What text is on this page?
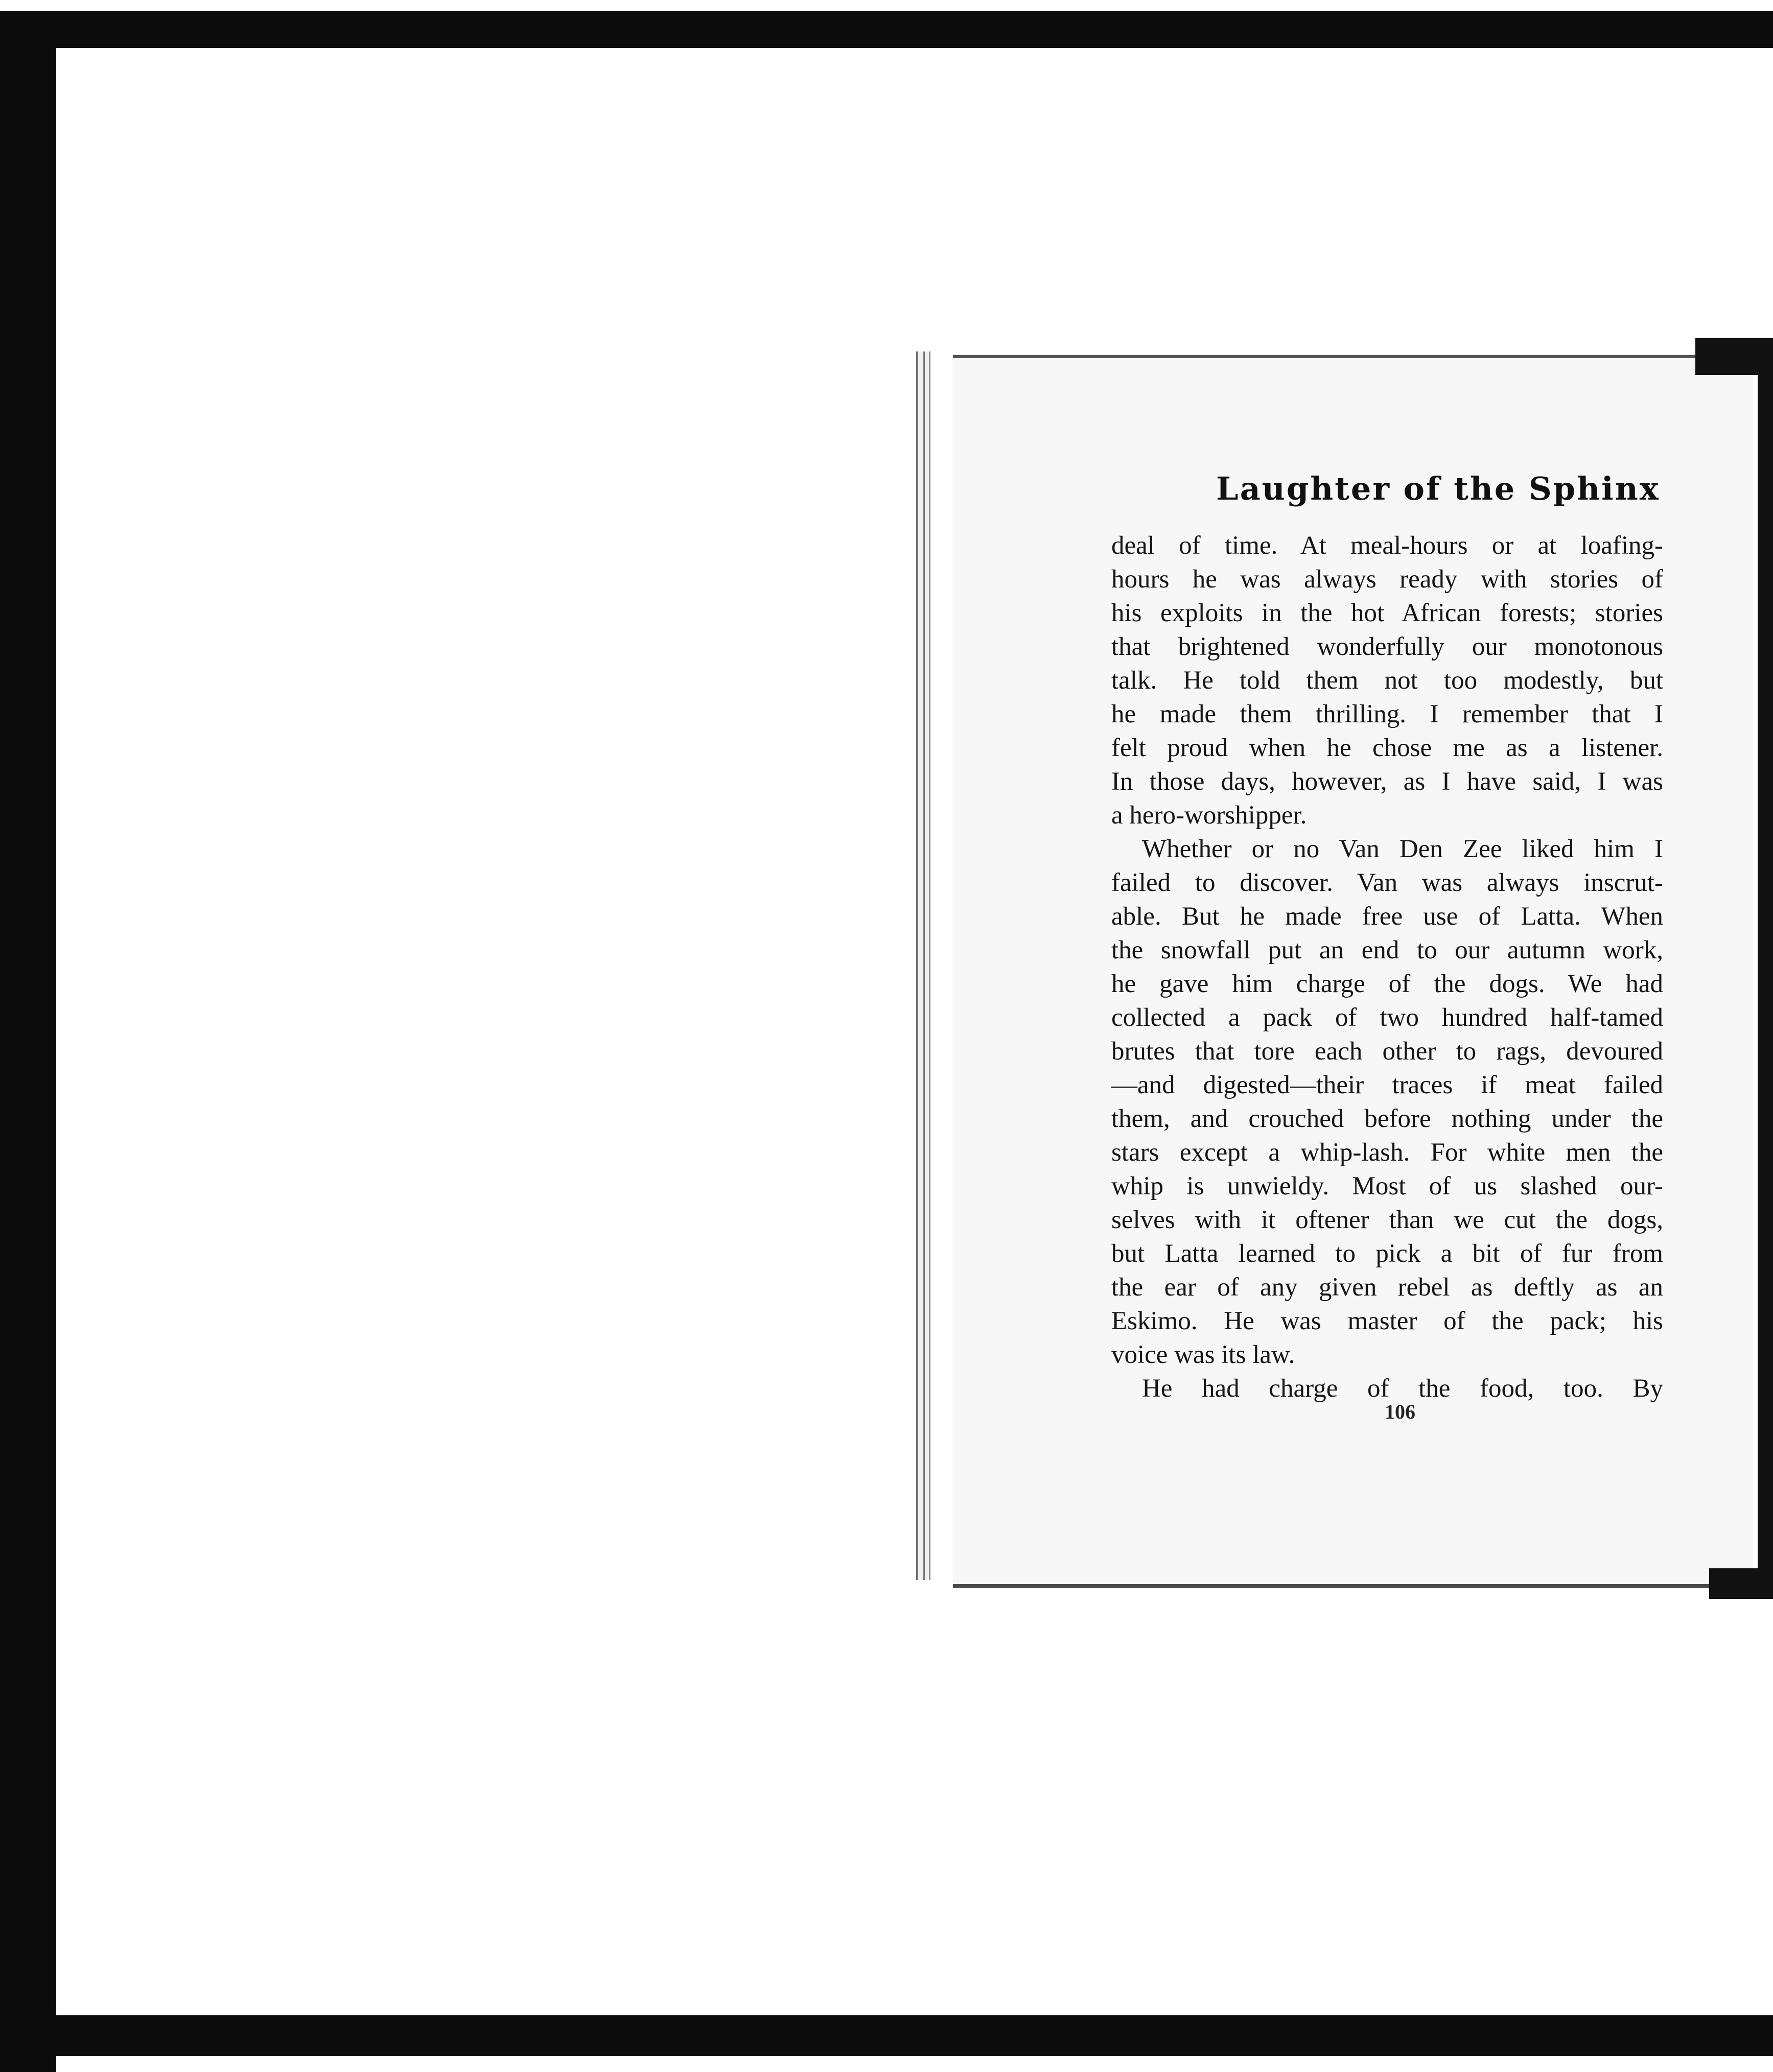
Laughter of the Sphinx
deal of time. At meal-hours or at loafing-
hours he was always ready with stories of
his exploits in the hot African forests; stories
that brightened wonderfully our monotonous
talk. He told them not too modestly, but
he made them thrilling. I remember that I
felt proud when he chose me as a listener.
In those days, however, as I have said, I was
a hero-worshipper.
Whether or no Van Den Zee liked him I
failed to discover. Van was always inscrut-
able. But he made free use of Latta. When
the snowfall put an end to our autumn work,
he gave him charge of the dogs. We had
collected a pack of two hundred half-tamed
brutes that tore each other to rags, devoured
—and digested—their traces if meat failed
them, and crouched before nothing under the
stars except a whip-lash. For white men the
whip is unwieldy. Most of us slashed our-
selves with it oftener than we cut the dogs,
but Latta learned to pick a bit of fur from
the ear of any given rebel as deftly as an
Eskimo. He was master of the pack; his
voice was its law.
He had charge of the food, too. By
106
